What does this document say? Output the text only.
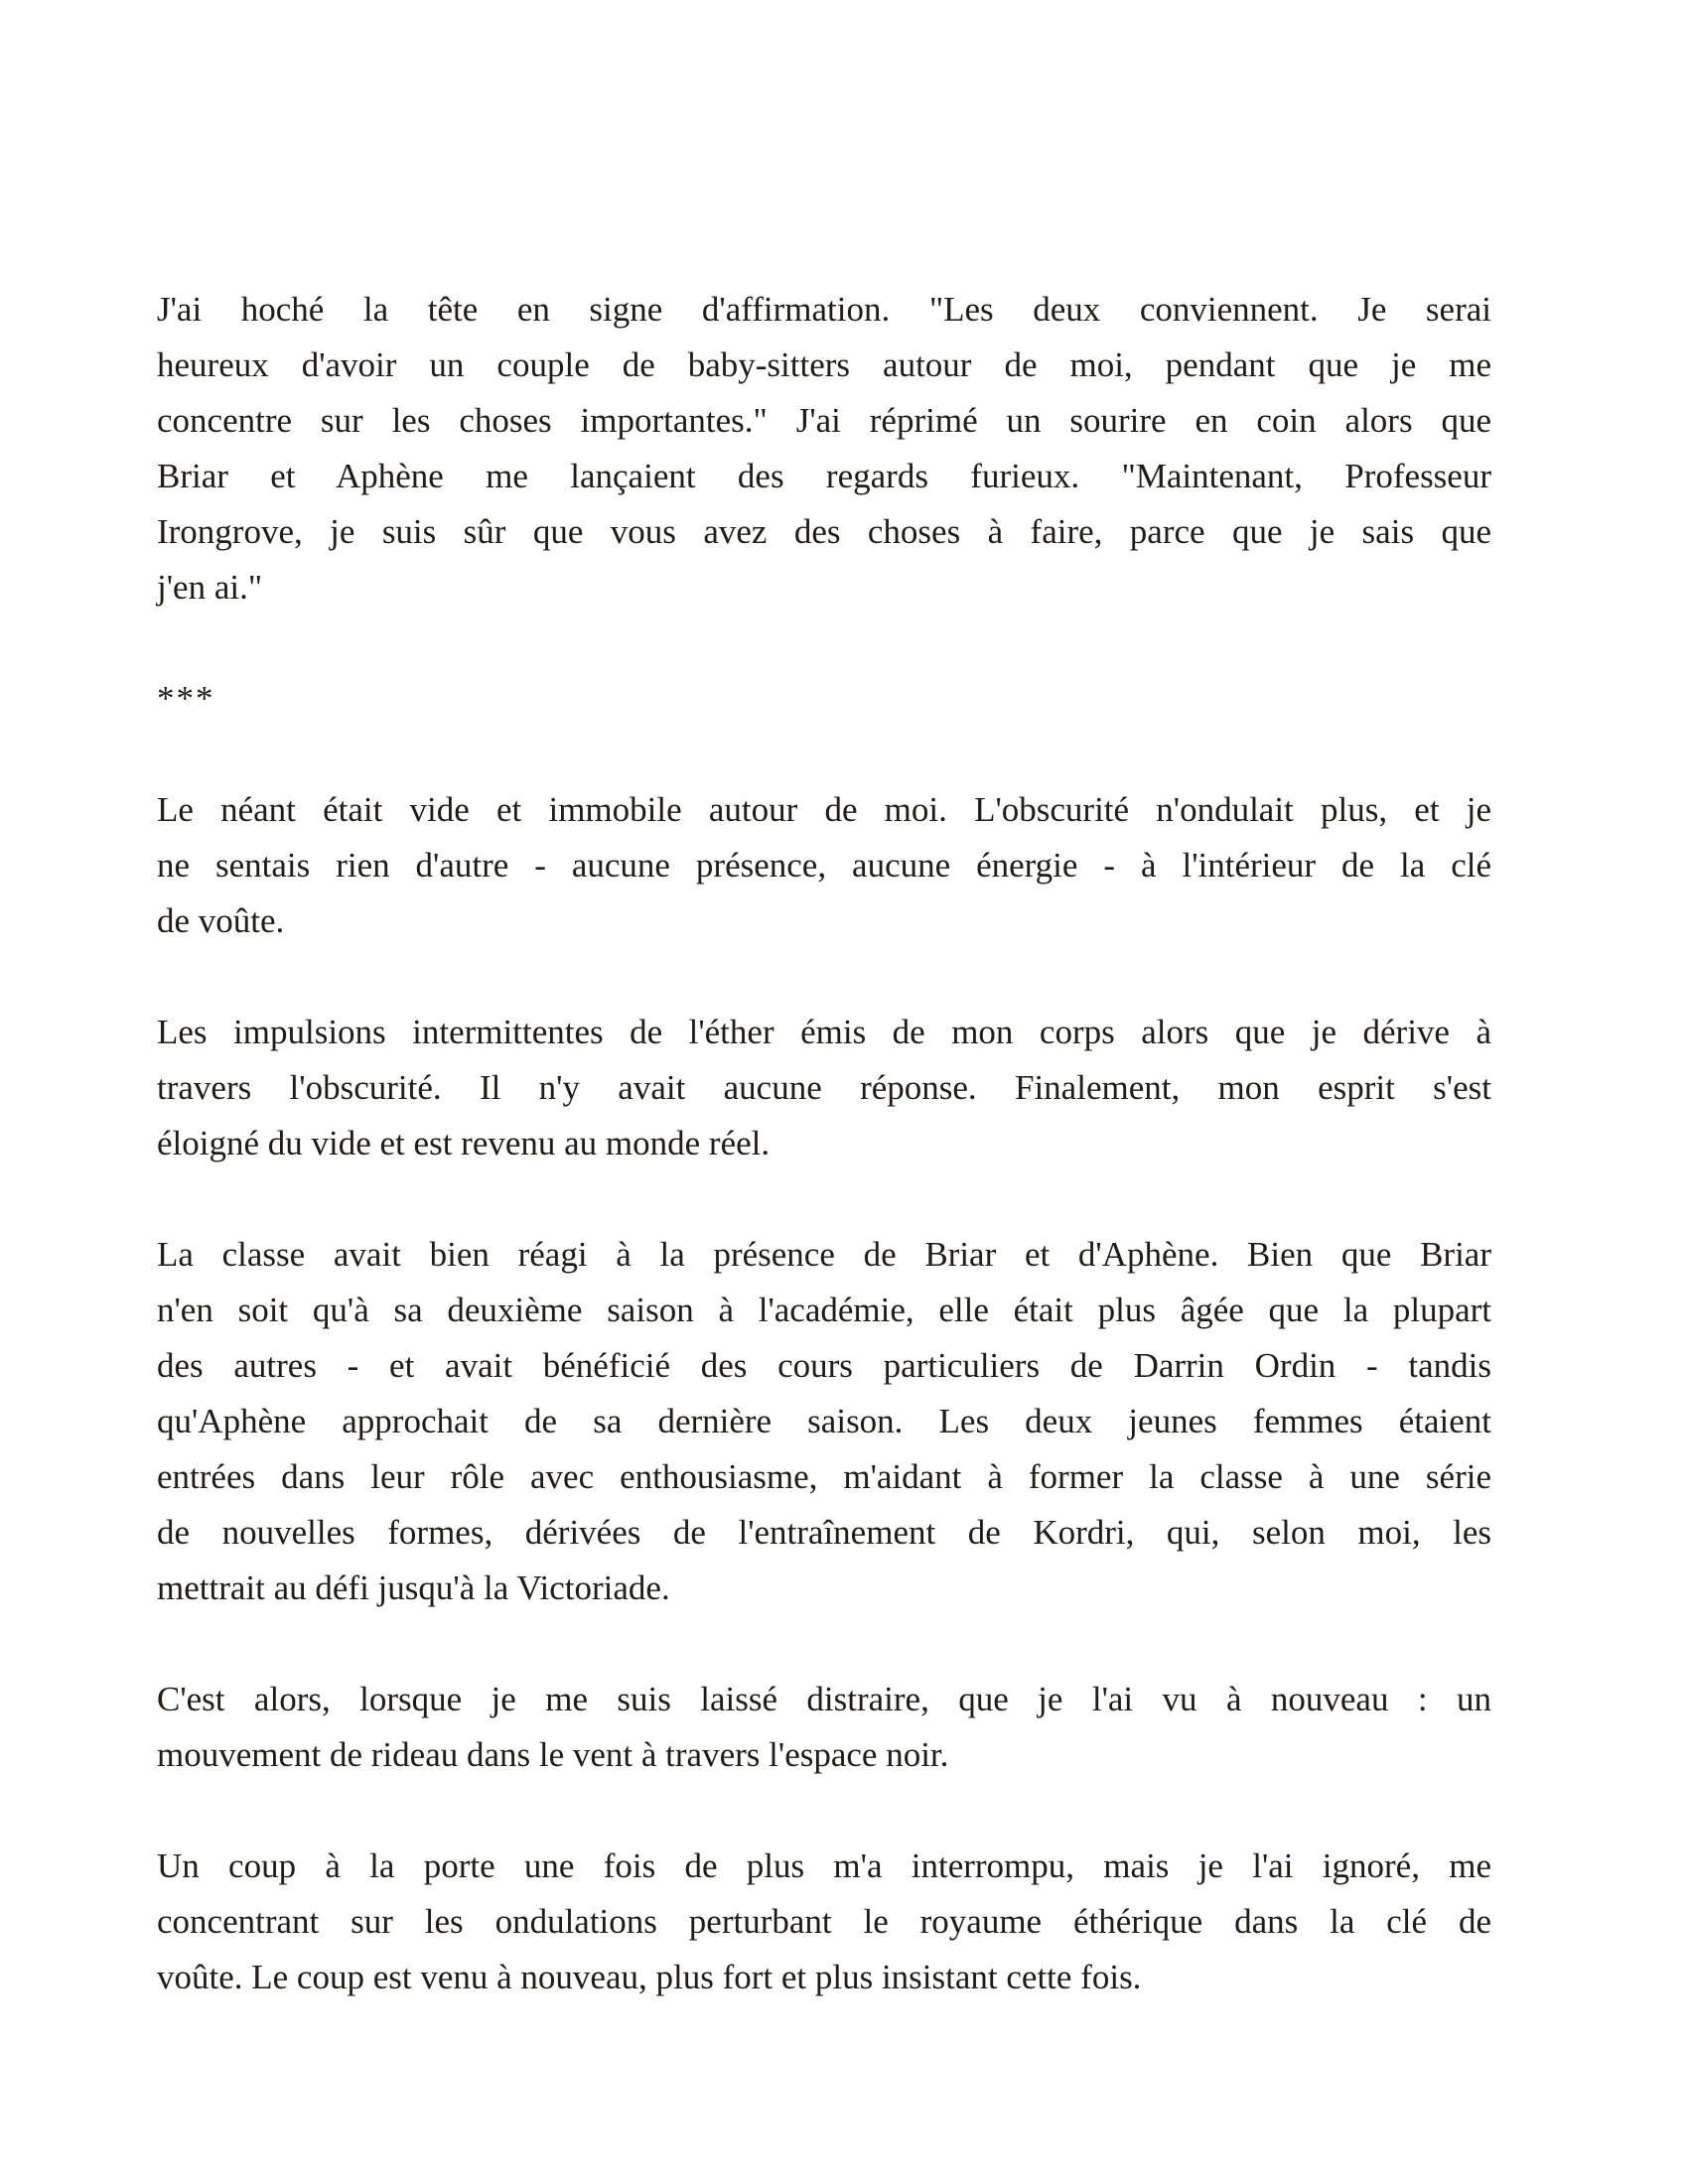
J'ai hoché la tête en signe d'affirmation. "Les deux conviennent. Je serai
heureux d'avoir un couple de baby-sitters autour de moi, pendant que je me
concentre sur les choses importantes." J'ai réprimé un sourire en coin alors que
Briar et Aphène me lançaient des regards furieux. "Maintenant, Professeur
Irongrove, je suis sûr que vous avez des choses à faire, parce que je sais que
j'en ai."
***
Le néant était vide et immobile autour de moi. L'obscurité n'ondulait plus, et je
ne sentais rien d'autre - aucune présence, aucune énergie - à l'intérieur de la clé
de voûte.
Les impulsions intermittentes de l'éther émis de mon corps alors que je dérive à
travers l'obscurité. Il n'y avait aucune réponse. Finalement, mon esprit s'est
éloigné du vide et est revenu au monde réel.
La classe avait bien réagi à la présence de Briar et d'Aphène. Bien que Briar
n'en soit qu'à sa deuxième saison à l'académie, elle était plus âgée que la plupart
des autres - et avait bénéficié des cours particuliers de Darrin Ordin - tandis
qu'Aphène approchait de sa dernière saison. Les deux jeunes femmes étaient
entrées dans leur rôle avec enthousiasme, m'aidant à former la classe à une série
de nouvelles formes, dérivées de l'entraînement de Kordri, qui, selon moi, les
mettrait au défi jusqu'à la Victoriade.
C'est alors, lorsque je me suis laissé distraire, que je l'ai vu à nouveau : un
mouvement de rideau dans le vent à travers l'espace noir.
Un coup à la porte une fois de plus m'a interrompu, mais je l'ai ignoré, me
concentrant sur les ondulations perturbant le royaume éthérique dans la clé de
voûte. Le coup est venu à nouveau, plus fort et plus insistant cette fois.
